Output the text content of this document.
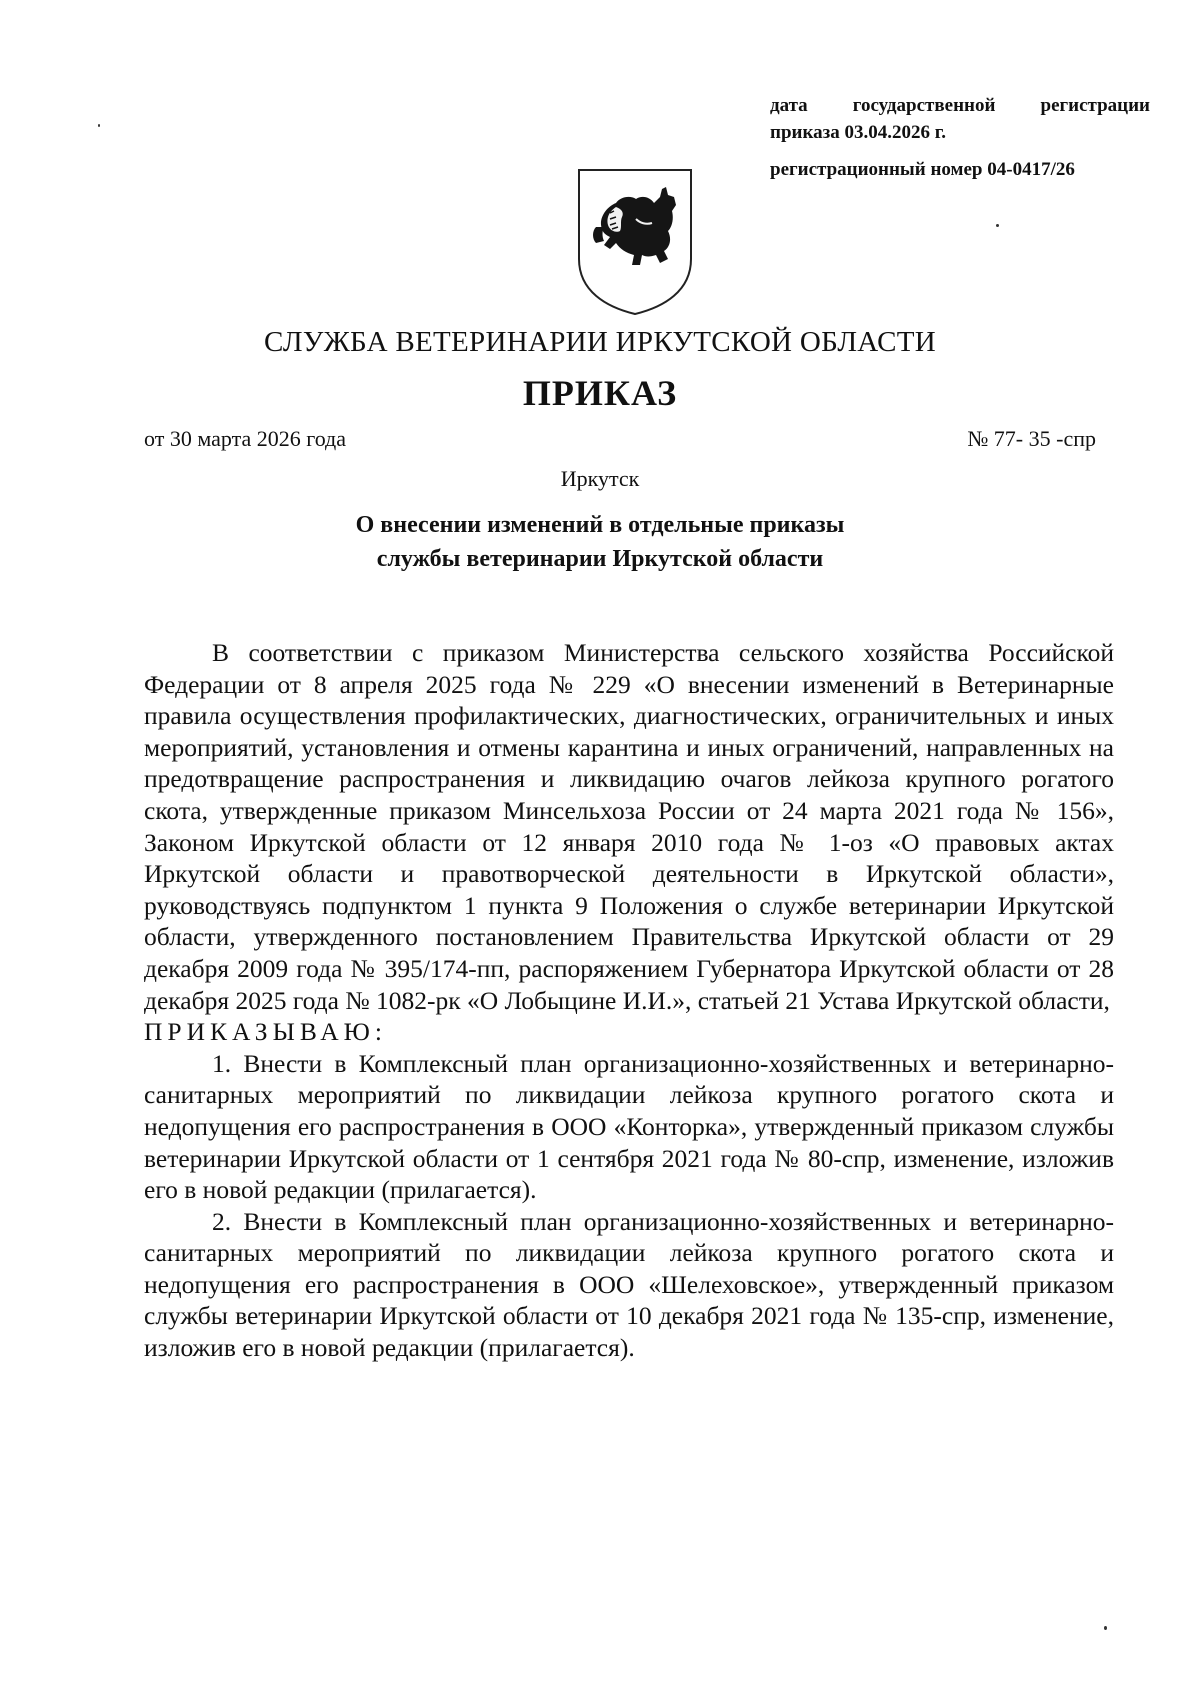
дата государственной регистрации
приказа 03.04.2026 г.
регистрационный номер 04-0417/26
СЛУЖБА ВЕТЕРИНАРИИ ИРКУТСКОЙ ОБЛАСТИ
ПРИКАЗ
от 30 марта 2026 года	№ 77- 35 -спр
Иркутск
О внесении изменений в отдельные приказы
службы ветеринарии Иркутской области

В соответствии с приказом Министерства сельского хозяйства Российской Федерации от 8 апреля 2025 года № 229 «О внесении изменений в Ветеринарные правила осуществления профилактических, диагностических, ограничительных и иных мероприятий, установления и отмены карантина и иных ограничений, направленных на предотвращение распространения и ликвидацию очагов лейкоза крупного рогатого скота, утвержденные приказом Минсельхоза России от 24 марта 2021 года № 156», Законом Иркутской области от 12 января 2010 года № 1-оз «О правовых актах Иркутской области и правотворческой деятельности в Иркутской области», руководствуясь подпунктом 1 пункта 9 Положения о службе ветеринарии Иркутской области, утвержденного постановлением Правительства Иркутской области от 29 декабря 2009 года № 395/174-пп, распоряжением Губернатора Иркутской области от 28 декабря 2025 года № 1082-рк «О Лобыцине И.И.», статьей 21 Устава Иркутской области,

ПРИКАЗЫВАЮ:

1. Внести в Комплексный план организационно-хозяйственных и ветеринарно-санитарных мероприятий по ликвидации лейкоза крупного рогатого скота и недопущения его распространения в ООО «Конторка», утвержденный приказом службы ветеринарии Иркутской области от 1 сентября 2021 года № 80-спр, изменение, изложив его в новой редакции (прилагается).

2. Внести в Комплексный план организационно-хозяйственных и ветеринарно-санитарных мероприятий по ликвидации лейкоза крупного рогатого скота и недопущения его распространения в ООО «Шелеховское», утвержденный приказом службы ветеринарии Иркутской области от 10 декабря 2021 года № 135-спр, изменение, изложив его в новой редакции (прилагается).
